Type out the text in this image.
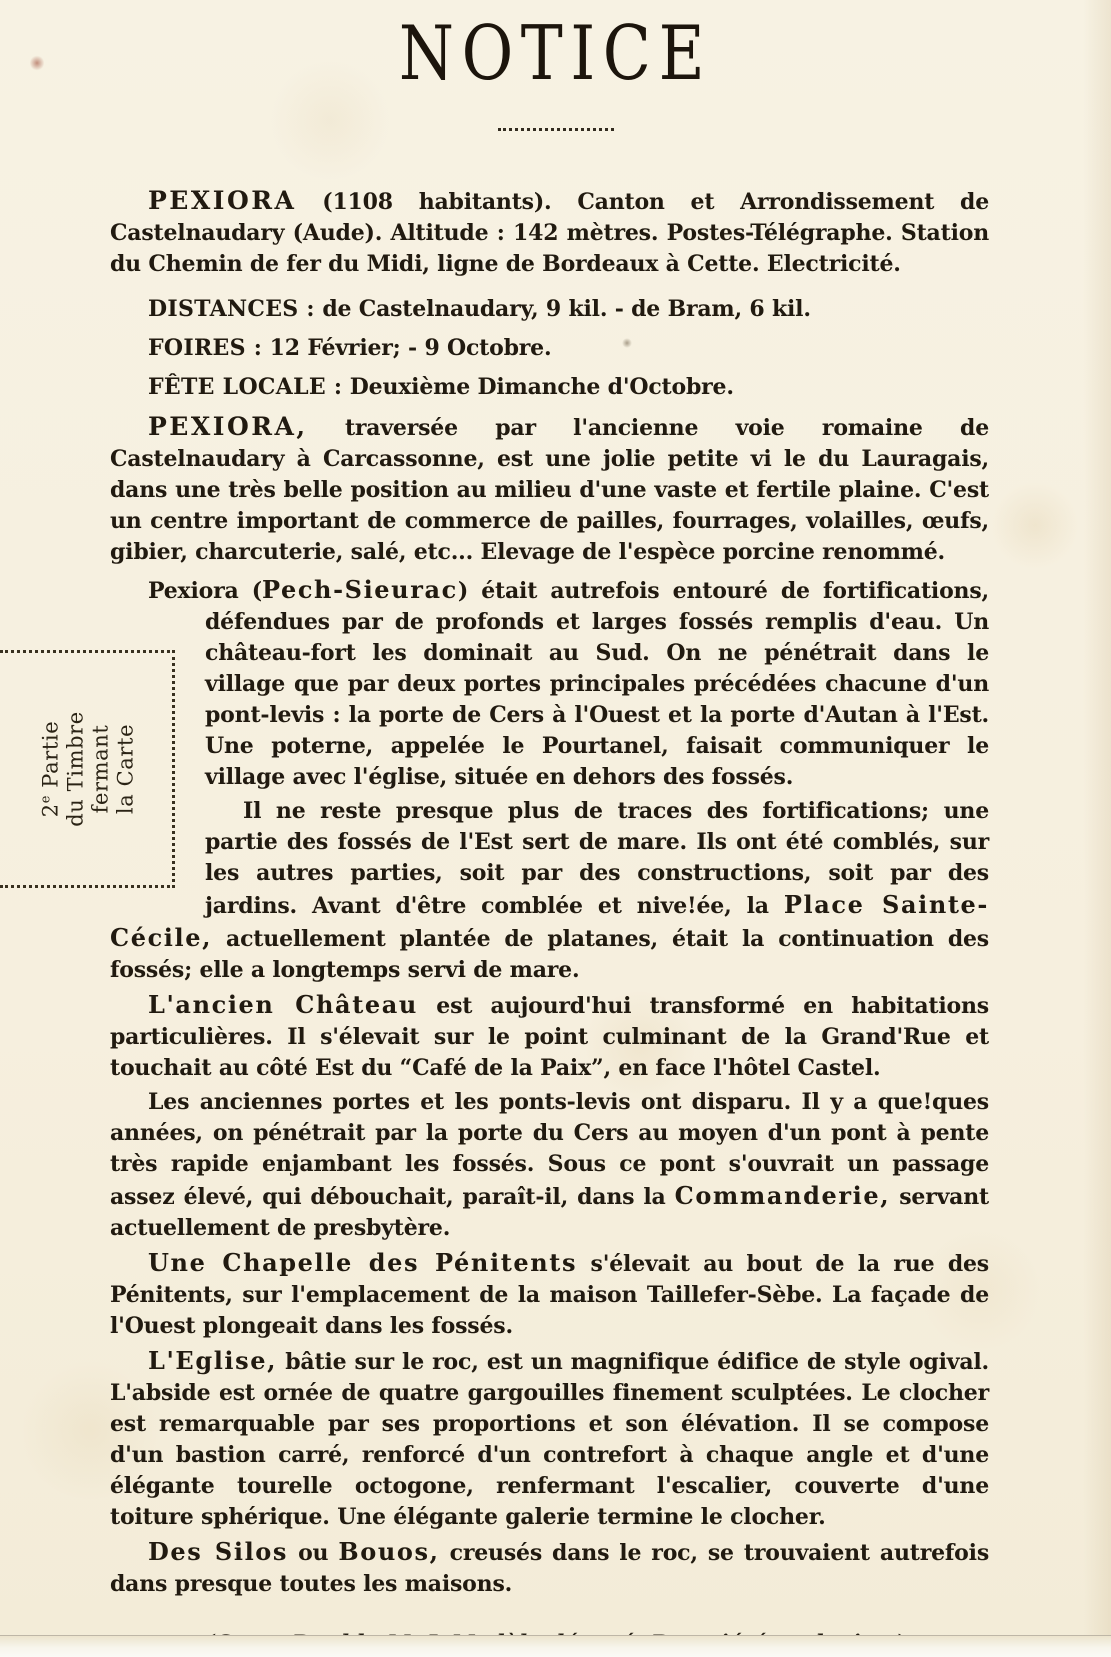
NOTICE

PEXIORA (1108 habitants). Canton et Arrondissement de Castelnaudary (Aude). Altitude : 142 mètres. Postes-Télégraphe. Station du Chemin de fer du Midi, ligne de Bordeaux à Cette. Electricité.

DISTANCES : de Castelnaudary, 9 kil. - de Bram, 6 kil.

FOIRES : 12 Février; - 9 Octobre.

FÊTE LOCALE : Deuxième Dimanche d'Octobre.

PEXIORA, traversée par l'ancienne voie romaine de Castelnaudary à Carcassonne, est une jolie petite vi le du Lauragais, dans une très belle position au milieu d'une vaste et fertile plaine. C'est un centre important de commerce de pailles, fourrages, volailles, œufs, gibier, charcuterie, salé, etc... Elevage de l'espèce porcine renommé.

2e Partie du Timbre fermant la Carte
Pexiora (Pech-Sieurac) était autrefois entouré de fortifications, défendues par de profonds et larges fossés remplis d'eau. Un château-fort les dominait au Sud. On ne pénétrait dans le village que par deux portes principales précédées chacune d'un pont-levis : la porte de Cers à l'Ouest et la porte d'Autan à l'Est. Une poterne, appelée le Pourtanel, faisait communiquer le village avec l'église, située en dehors des fossés.

Il ne reste presque plus de traces des fortifications; une partie des fossés de l'Est sert de mare. Ils ont été comblés, sur les autres parties, soit par des constructions, soit par des jardins. Avant d'être comblée et nive!ée, la Place Sainte-Cécile, actuellement plantée de platanes, était la continuation des fossés; elle a longtemps servi de mare.

L'ancien Château est aujourd'hui transformé en habitations particulières. Il s'élevait sur le point culminant de la Grand'Rue et touchait au côté Est du “Café de la Paix”, en face l'hôtel Castel.

Les anciennes portes et les ponts-levis ont disparu. Il y a que!ques années, on pénétrait par la porte du Cers au moyen d'un pont à pente très rapide enjambant les fossés. Sous ce pont s'ouvrait un passage assez élevé, qui débouchait, paraît-il, dans la Commanderie, servant actuellement de presbytère.

Une Chapelle des Pénitents s'élevait au bout de la rue des Pénitents, sur l'emplacement de la maison Taillefer-Sèbe. La façade de l'Ouest plongeait dans les fossés.

L'Eglise, bâtie sur le roc, est un magnifique édifice de style ogival. L'abside est ornée de quatre gargouilles finement sculptées. Le clocher est remarquable par ses proportions et son élévation. Il se compose d'un bastion carré, renforcé d'un contrefort à chaque angle et d'une élégante tourelle octogone, renfermant l'escalier, couverte d'une toiture sphérique. Une élégante galerie termine le clocher.

Des Silos ou Bouos, creusés dans le roc, se trouvaient autrefois dans presque toutes les maisons.
